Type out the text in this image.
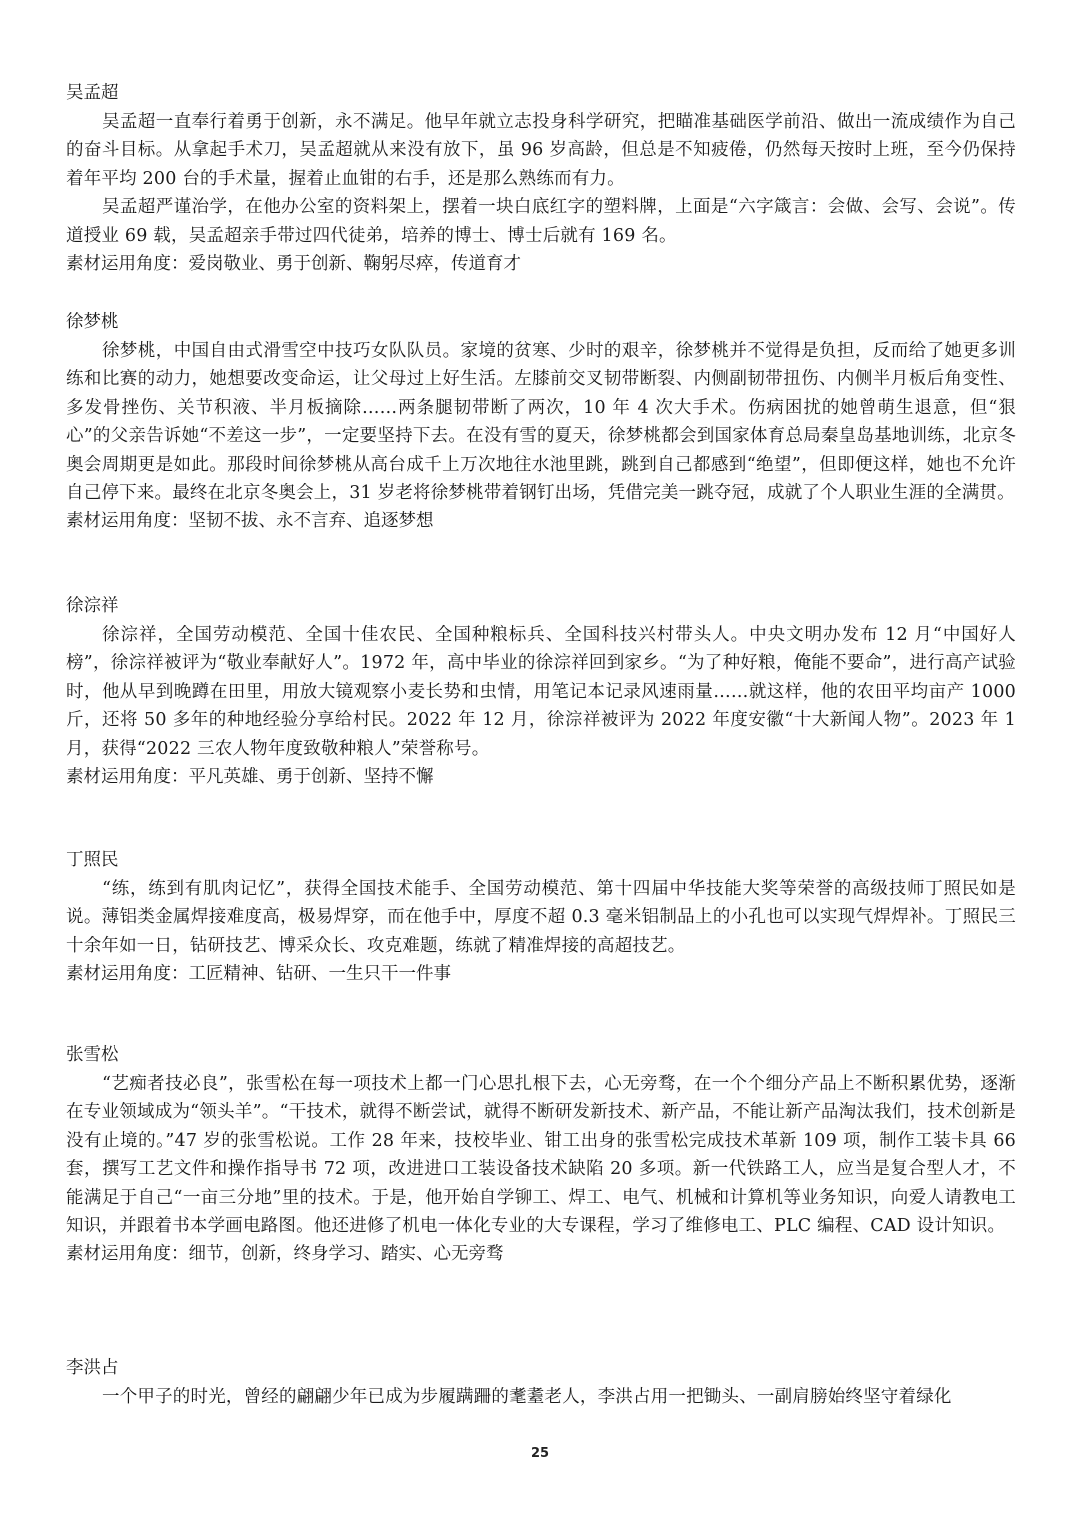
吴孟超

吴孟超一直奉行着勇于创新，永不满足。他早年就立志投身科学研究，把瞄准基础医学前沿、做出一流成绩作为自己的奋斗目标。从拿起手术刀，吴孟超就从来没有放下，虽 96 岁高龄，但总是不知疲倦，仍然每天按时上班，至今仍保持着年平均 200 台的手术量，握着止血钳的右手，还是那么熟练而有力。

吴孟超严谨治学，在他办公室的资料架上，摆着一块白底红字的塑料牌，上面是“六字箴言：会做、会写、会说”。传道授业 69 载，吴孟超亲手带过四代徒弟，培养的博士、博士后就有 169 名。

素材运用角度：爱岗敬业、勇于创新、鞠躬尽瘁，传道育才

徐梦桃

徐梦桃，中国自由式滑雪空中技巧女队队员。家境的贫寒、少时的艰辛，徐梦桃并不觉得是负担，反而给了她更多训练和比赛的动力，她想要改变命运，让父母过上好生活。左膝前交叉韧带断裂、内侧副韧带扭伤、内侧半月板后角变性、多发骨挫伤、关节积液、半月板摘除……两条腿韧带断了两次，10 年 4 次大手术。伤病困扰的她曾萌生退意，但“狠心”的父亲告诉她“不差这一步”，一定要坚持下去。在没有雪的夏天，徐梦桃都会到国家体育总局秦皇岛基地训练，北京冬奥会周期更是如此。那段时间徐梦桃从高台成千上万次地往水池里跳，跳到自己都感到“绝望”，但即便这样，她也不允许自己停下来。最终在北京冬奥会上，31 岁老将徐梦桃带着钢钉出场，凭借完美一跳夺冠，成就了个人职业生涯的全满贯。

素材运用角度：坚韧不拔、永不言弃、追逐梦想

徐淙祥

徐淙祥，全国劳动模范、全国十佳农民、全国种粮标兵、全国科技兴村带头人。中央文明办发布 12 月“中国好人榜”，徐淙祥被评为“敬业奉献好人”。1972 年，高中毕业的徐淙祥回到家乡。“为了种好粮，俺能不要命”，进行高产试验时，他从早到晚蹲在田里，用放大镜观察小麦长势和虫情，用笔记本记录风速雨量……就这样，他的农田平均亩产 1000 斤，还将 50 多年的种地经验分享给村民。2022 年 12 月，徐淙祥被评为 2022 年度安徽“十大新闻人物”。2023 年 1 月，获得“2022 三农人物年度致敬种粮人”荣誉称号。

素材运用角度：平凡英雄、勇于创新、坚持不懈

丁照民

“练，练到有肌肉记忆”，获得全国技术能手、全国劳动模范、第十四届中华技能大奖等荣誉的高级技师丁照民如是说。薄铝类金属焊接难度高，极易焊穿，而在他手中，厚度不超 0.3 毫米铝制品上的小孔也可以实现气焊焊补。丁照民三十余年如一日，钻研技艺、博采众长、攻克难题，练就了精准焊接的高超技艺。

素材运用角度：工匠精神、钻研、一生只干一件事

张雪松

“艺痴者技必良”，张雪松在每一项技术上都一门心思扎根下去，心无旁骛，在一个个细分产品上不断积累优势，逐渐在专业领域成为“领头羊”。“干技术，就得不断尝试，就得不断研发新技术、新产品，不能让新产品淘汰我们，技术创新是没有止境的。”47 岁的张雪松说。工作 28 年来，技校毕业、钳工出身的张雪松完成技术革新 109 项，制作工装卡具 66 套，撰写工艺文件和操作指导书 72 项，改进进口工装设备技术缺陷 20 多项。新一代铁路工人，应当是复合型人才，不能满足于自己“一亩三分地”里的技术。于是，他开始自学铆工、焊工、电气、机械和计算机等业务知识，向爱人请教电工知识，并跟着书本学画电路图。他还进修了机电一体化专业的大专课程，学习了维修电工、PLC 编程、CAD 设计知识。

素材运用角度：细节，创新，终身学习、踏实、心无旁骛

李洪占

一个甲子的时光，曾经的翩翩少年已成为步履蹒跚的耄耋老人，李洪占用一把锄头、一副肩膀始终坚守着绿化

25
